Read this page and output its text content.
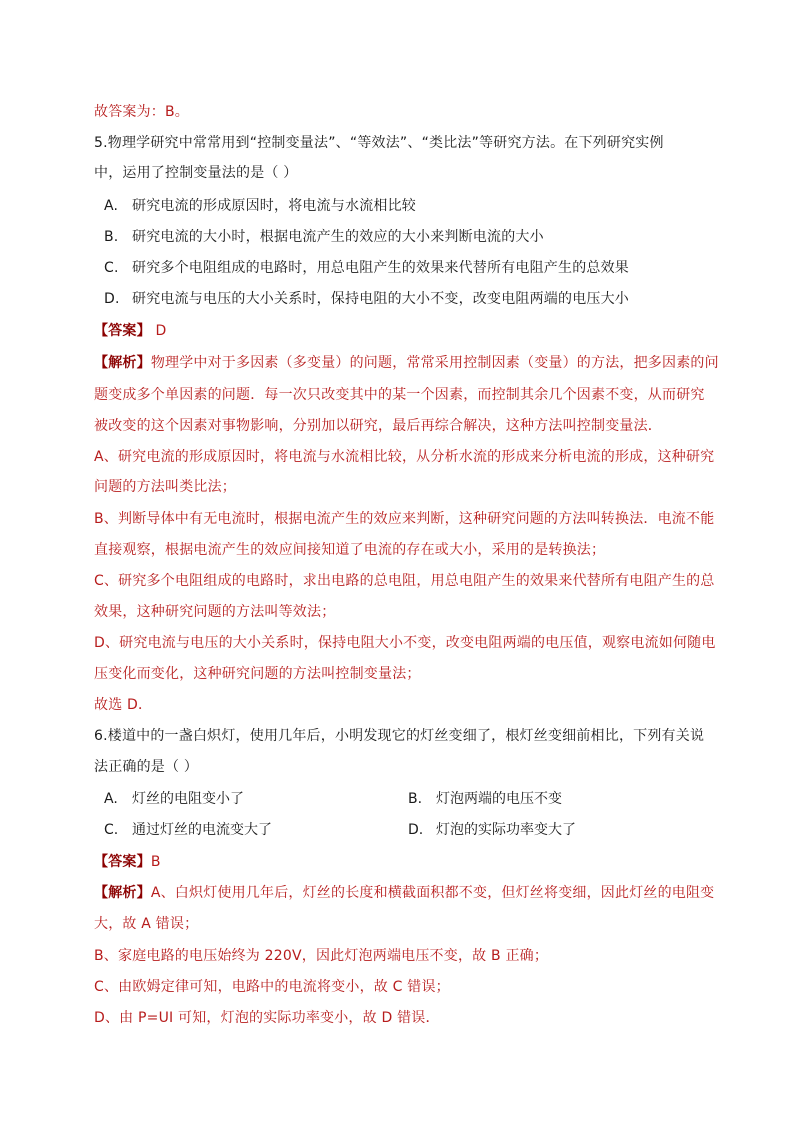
故答案为：B。
5.物理学研究中常常用到“控制变量法”、“等效法”、“类比法”等研究方法。在下列研究实例
中，运用了控制变量法的是（ ）
A. 研究电流的形成原因时，将电流与水流相比较
B. 研究电流的大小时，根据电流产生的效应的大小来判断电流的大小
C. 研究多个电阻组成的电路时，用总电阻产生的效果来代替所有电阻产生的总效果
D. 研究电流与电压的大小关系时，保持电阻的大小不变，改变电阻两端的电压大小
【答案】 D
【解析】物理学中对于多因素（多变量）的问题，常常采用控制因素（变量）的方法，把多因素的问
题变成多个单因素的问题．每一次只改变其中的某一个因素，而控制其余几个因素不变，从而研究
被改变的这个因素对事物影响，分别加以研究，最后再综合解决，这种方法叫控制变量法．
A、研究电流的形成原因时，将电流与水流相比较，从分析水流的形成来分析电流的形成，这种研究
问题的方法叫类比法；
B、判断导体中有无电流时，根据电流产生的效应来判断，这种研究问题的方法叫转换法．电流不能
直接观察，根据电流产生的效应间接知道了电流的存在或大小，采用的是转换法；
C、研究多个电阻组成的电路时，求出电路的总电阻，用总电阻产生的效果来代替所有电阻产生的总
效果，这种研究问题的方法叫等效法；
D、研究电流与电压的大小关系时，保持电阻大小不变，改变电阻两端的电压值，观察电流如何随电
压变化而变化，这种研究问题的方法叫控制变量法；
故选 D．
6.楼道中的一盏白炽灯，使用几年后，小明发现它的灯丝变细了，根灯丝变细前相比，下列有关说
法正确的是（ ）
A. 灯丝的电阻变小了	B. 灯泡两端的电压不变
C. 通过灯丝的电流变大了	D. 灯泡的实际功率变大了
【答案】B
【解析】A、白炽灯使用几年后，灯丝的长度和横截面积都不变，但灯丝将变细，因此灯丝的电阻变
大，故 A 错误；
B、家庭电路的电压始终为 220V，因此灯泡两端电压不变，故 B 正确；
C、由欧姆定律可知，电路中的电流将变小，故 C 错误；
D、由 P=UI 可知，灯泡的实际功率变小，故 D 错误．
